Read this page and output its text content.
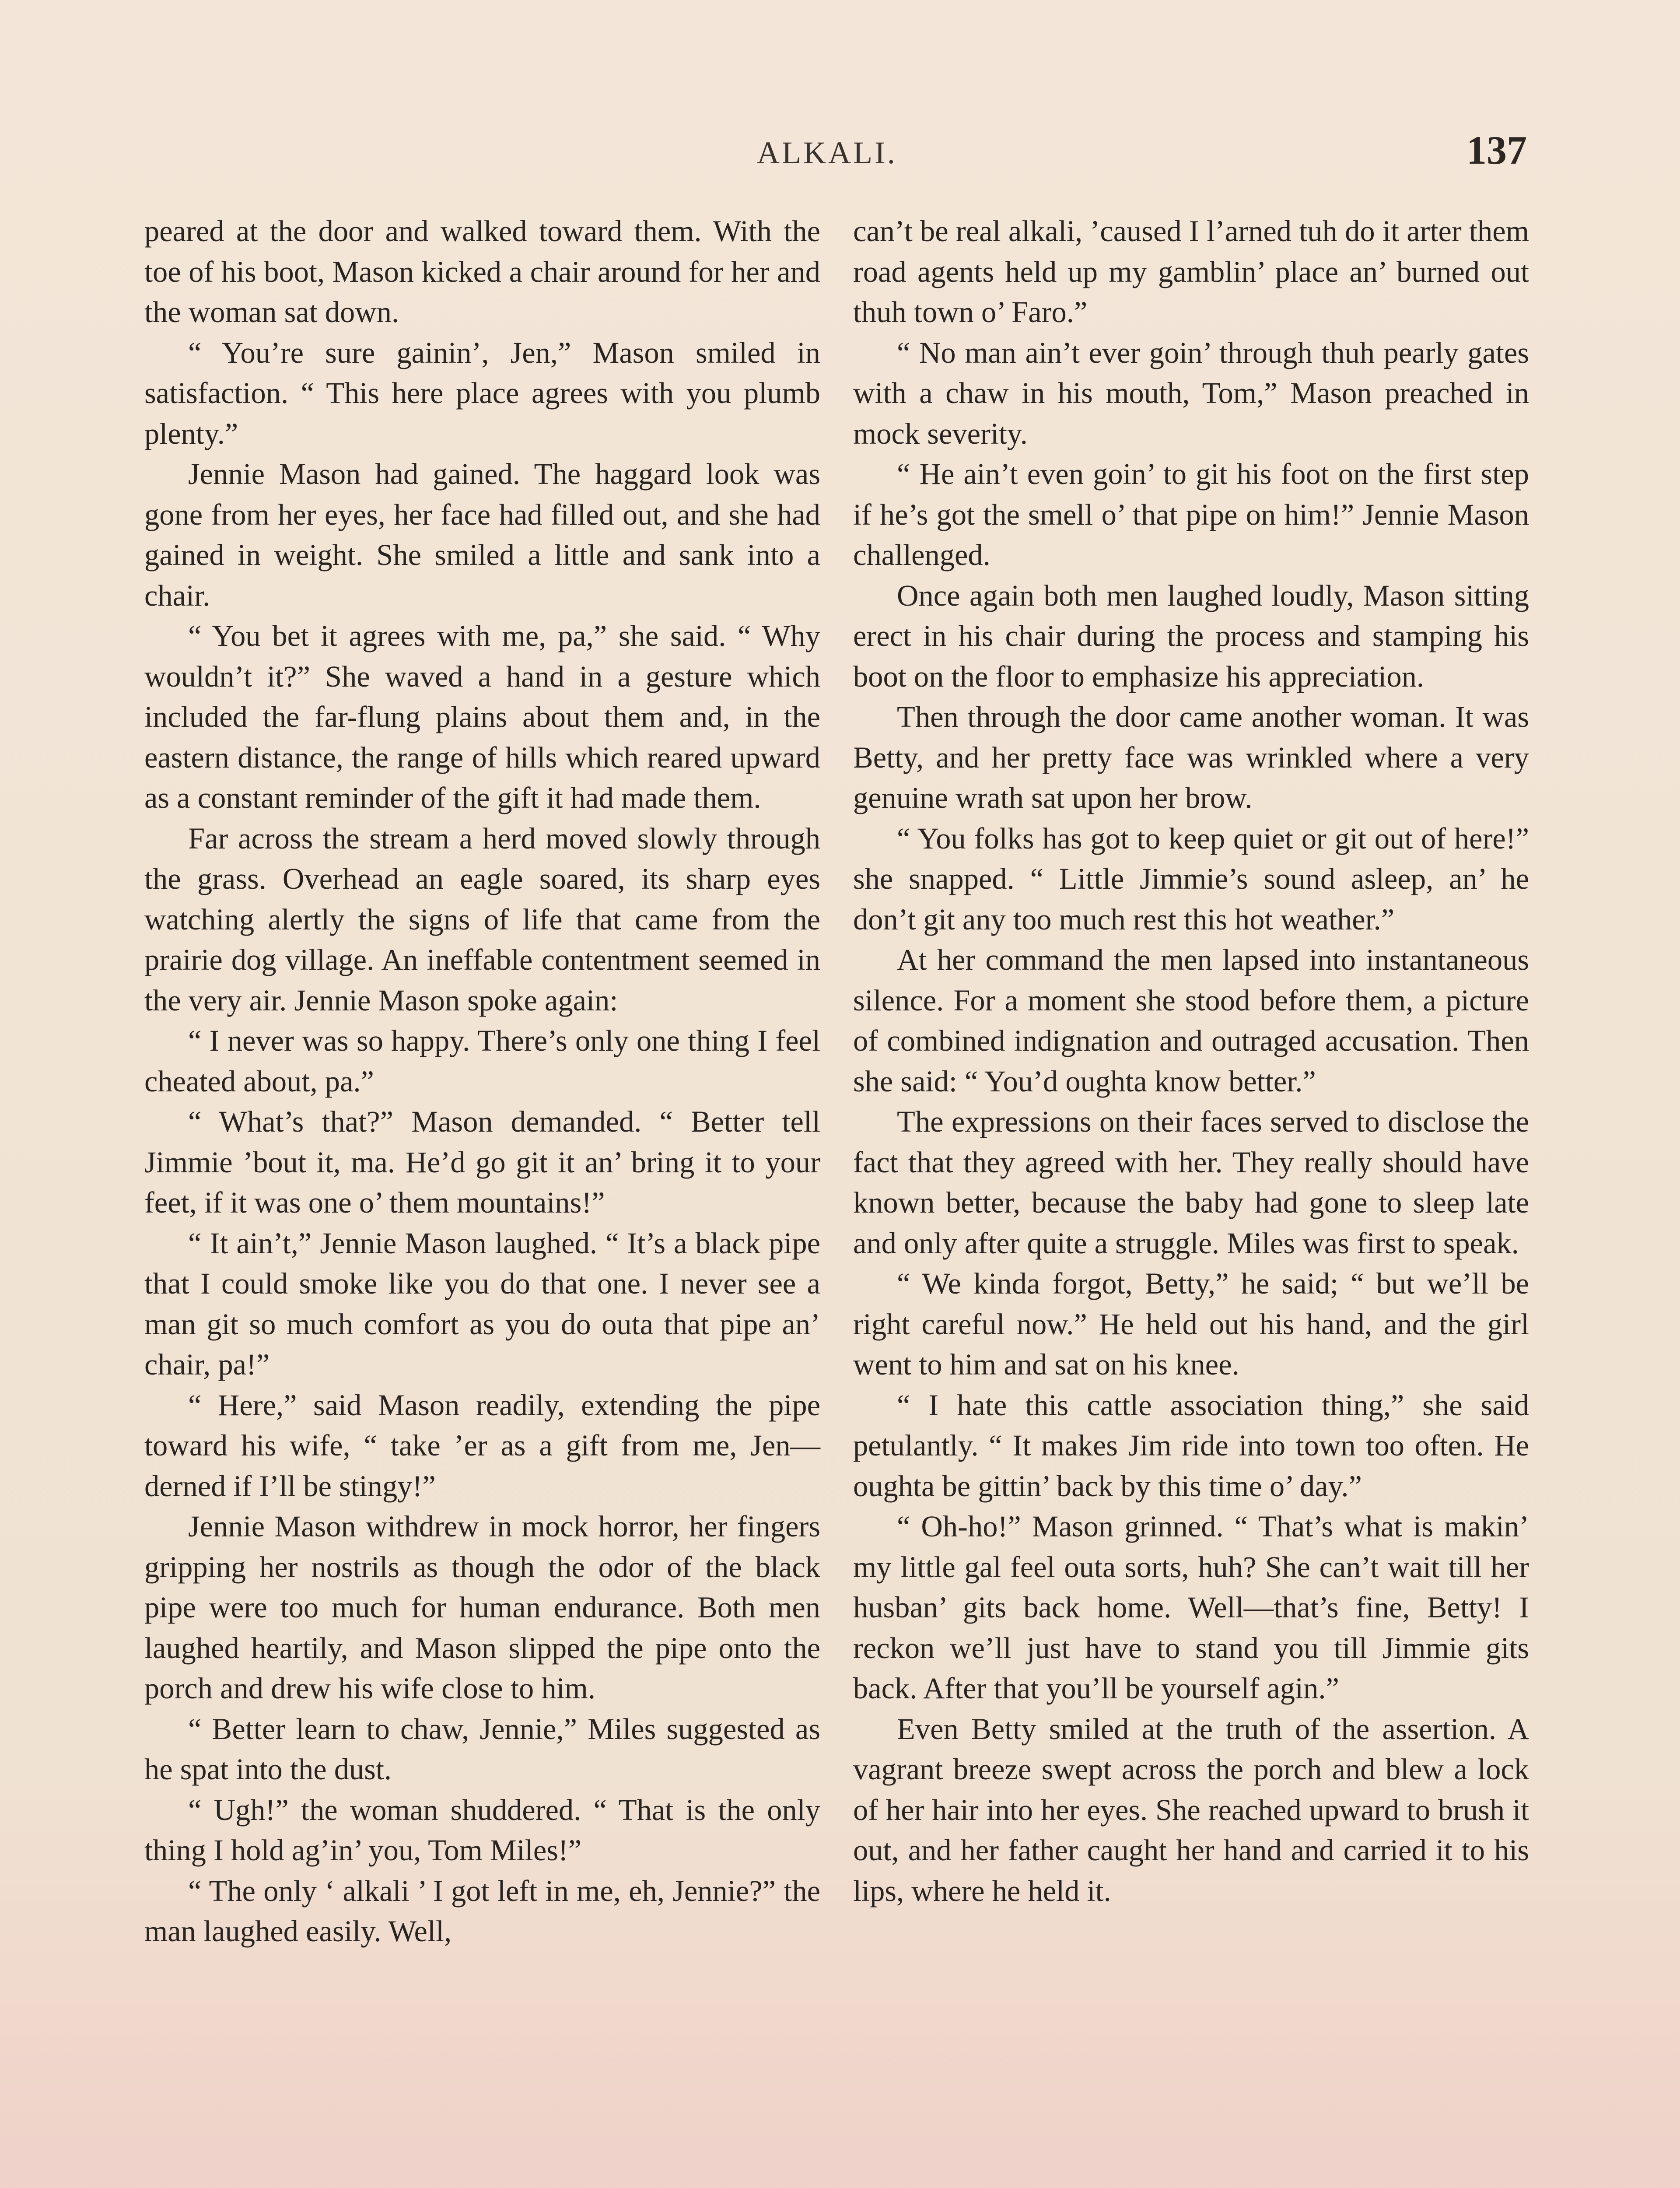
ALKALI.	137

peared at the door and walked toward them. With the toe of his boot, Mason kicked a chair around for her and the woman sat down.

“ You’re sure gainin’, Jen,” Mason smiled in satisfaction. “ This here place agrees with you plumb plenty.”

Jennie Mason had gained. The haggard look was gone from her eyes, her face had filled out, and she had gained in weight. She smiled a little and sank into a chair.

“ You bet it agrees with me, pa,” she said. “ Why wouldn’t it?” She waved a hand in a gesture which included the far-flung plains about them and, in the eastern distance, the range of hills which reared upward as a constant reminder of the gift it had made them.

Far across the stream a herd moved slowly through the grass. Overhead an eagle soared, its sharp eyes watching alertly the signs of life that came from the prairie dog village. An ineffable contentment seemed in the very air. Jennie Mason spoke again:

“ I never was so happy. There’s only one thing I feel cheated about, pa.”

“ What’s that?” Mason demanded. “ Better tell Jimmie ’bout it, ma. He’d go git it an’ bring it to your feet, if it was one o’ them mountains!”

“ It ain’t,” Jennie Mason laughed. “ It’s a black pipe that I could smoke like you do that one. I never see a man git so much comfort as you do outa that pipe an’ chair, pa!”

“ Here,” said Mason readily, extending the pipe toward his wife, “ take ’er as a gift from me, Jen—derned if I’ll be stingy!”

Jennie Mason withdrew in mock horror, her fingers gripping her nostrils as though the odor of the black pipe were too much for human endurance. Both men laughed heartily, and Mason slipped the pipe onto the porch and drew his wife close to him.

“ Better learn to chaw, Jennie,” Miles suggested as he spat into the dust.

“ Ugh!” the woman shuddered. “ That is the only thing I hold ag’in’ you, Tom Miles!”

“ The only ‘ alkali ’ I got left in me, eh, Jennie?” the man laughed easily. Well,

can’t be real alkali, ’caused I l’arned tuh do it arter them road agents held up my gamblin’ place an’ burned out thuh town o’ Faro.”

“ No man ain’t ever goin’ through thuh pearly gates with a chaw in his mouth, Tom,” Mason preached in mock severity.

“ He ain’t even goin’ to git his foot on the first step if he’s got the smell o’ that pipe on him!” Jennie Mason challenged.

Once again both men laughed loudly, Mason sitting erect in his chair during the process and stamping his boot on the floor to emphasize his appreciation.

Then through the door came another woman. It was Betty, and her pretty face was wrinkled where a very genuine wrath sat upon her brow.

“ You folks has got to keep quiet or git out of here!” she snapped. “ Little Jimmie’s sound asleep, an’ he don’t git any too much rest this hot weather.”

At her command the men lapsed into instantaneous silence. For a moment she stood before them, a picture of combined indignation and outraged accusation. Then she said: “ You’d oughta know better.”

The expressions on their faces served to disclose the fact that they agreed with her. They really should have known better, because the baby had gone to sleep late and only after quite a struggle. Miles was first to speak.

“ We kinda forgot, Betty,” he said; “ but we’ll be right careful now.” He held out his hand, and the girl went to him and sat on his knee.

“ I hate this cattle association thing,” she said petulantly. “ It makes Jim ride into town too often. He oughta be gittin’ back by this time o’ day.”

“ Oh-ho!” Mason grinned. “ That’s what is makin’ my little gal feel outa sorts, huh? She can’t wait till her husban’ gits back home. Well—that’s fine, Betty! I reckon we’ll just have to stand you till Jimmie gits back. After that you’ll be yourself agin.”

Even Betty smiled at the truth of the assertion. A vagrant breeze swept across the porch and blew a lock of her hair into her eyes. She reached upward to brush it out, and her father caught her hand and carried it to his lips, where he held it.
